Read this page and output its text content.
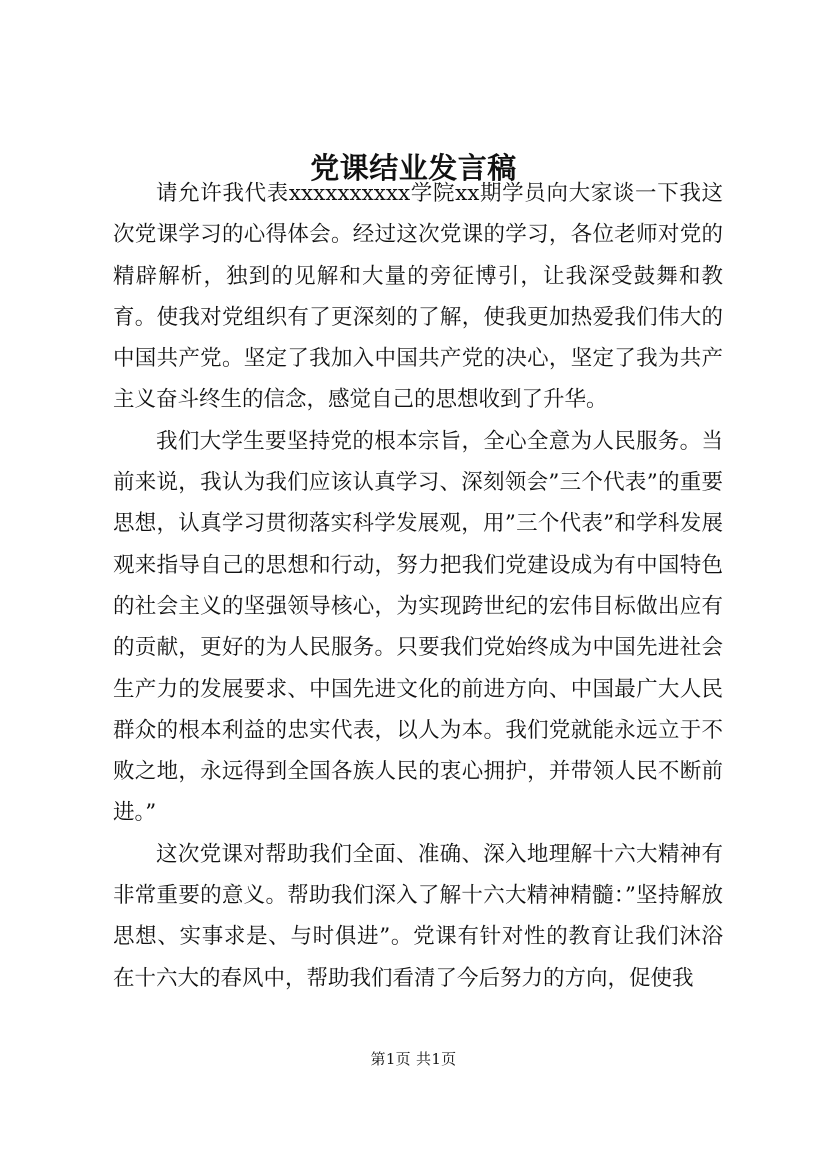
党课结业发言稿

请允许我代表xxxxxxxxxx学院xx期学员向大家谈一下我这次党课学习的心得体会。经过这次党课的学习，各位老师对党的精辟解析，独到的见解和大量的旁征博引，让我深受鼓舞和教育。使我对党组织有了更深刻的了解，使我更加热爱我们伟大的中国共产党。坚定了我加入中国共产党的决心，坚定了我为共产主义奋斗终生的信念，感觉自己的思想收到了升华。

我们大学生要坚持党的根本宗旨，全心全意为人民服务。当前来说，我认为我们应该认真学习、深刻领会”三个代表”的重要思想，认真学习贯彻落实科学发展观，用”三个代表”和学科发展观来指导自己的思想和行动，努力把我们党建设成为有中国特色的社会主义的坚强领导核心，为实现跨世纪的宏伟目标做出应有的贡献，更好的为人民服务。只要我们党始终成为中国先进社会生产力的发展要求、中国先进文化的前进方向、中国最广大人民群众的根本利益的忠实代表，以人为本。我们党就能永远立于不败之地，永远得到全国各族人民的衷心拥护，并带领人民不断前进。”

这次党课对帮助我们全面、准确、深入地理解十六大精神有非常重要的意义。帮助我们深入了解十六大精神精髓：”坚持解放思想、实事求是、与时俱进”。党课有针对性的教育让我们沐浴在十六大的春风中，帮助我们看清了今后努力的方向，促使我

第1页 共1页
